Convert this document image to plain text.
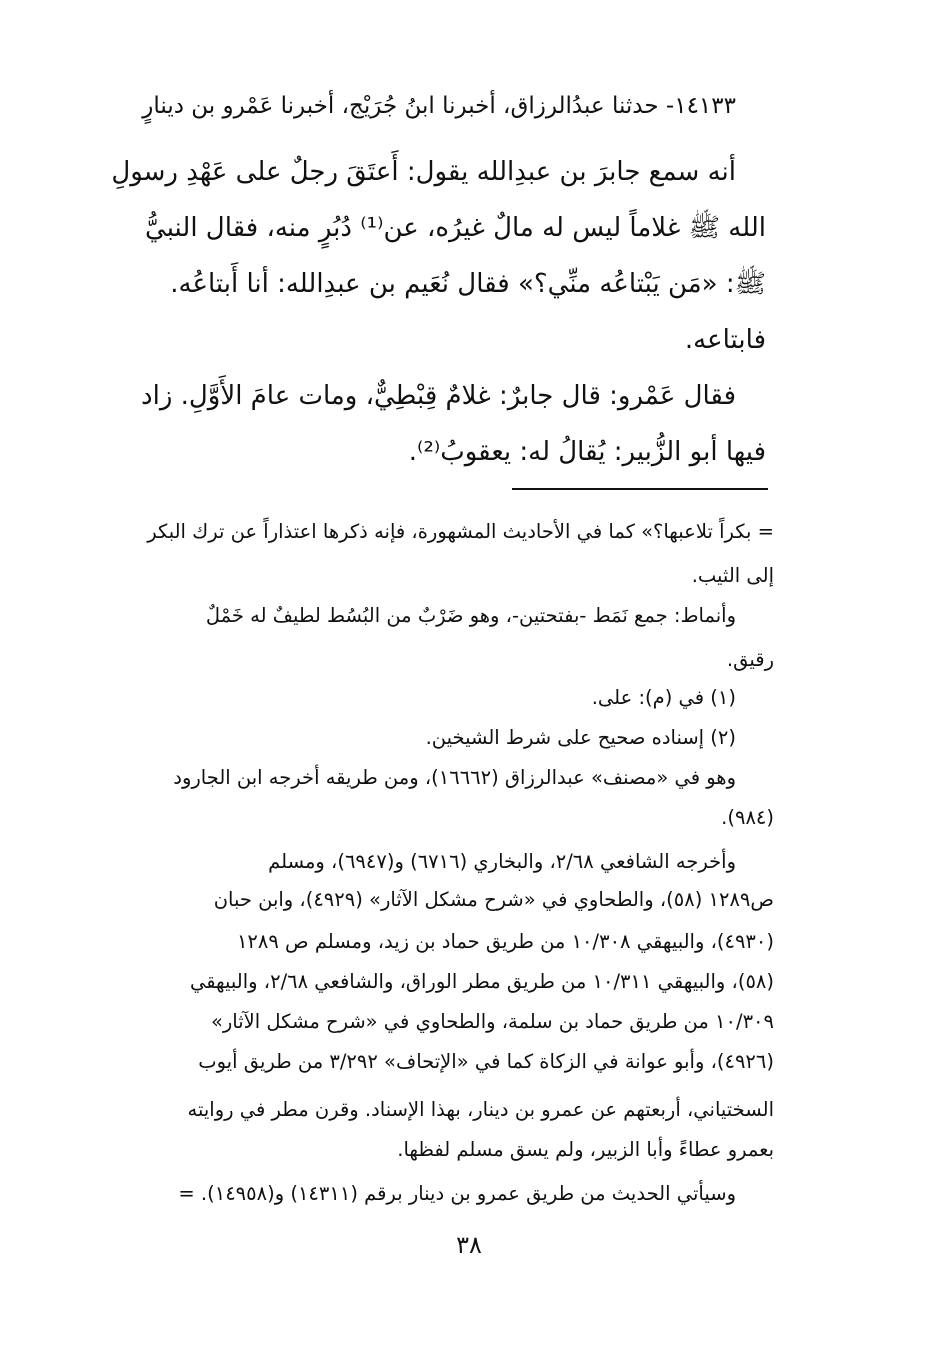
١٤١٣٣- حدثنا عبدُالرزاق، أخبرنا ابنُ جُرَيْج، أخبرنا عَمْرو بن دينارٍ

أنه سمع جابرَ بن عبدِالله يقول: أَعتَقَ رجلٌ على عَهْدِ رسولِ

الله ﷺ غلاماً ليس له مالٌ غيرُه، عن⁽¹⁾ دُبُرٍ منه، فقال النبيُّ

ﷺ: «مَن يَبْتاعُه منِّي؟» فقال نُعَيم بن عبدِالله: أنا أَبتاعُه.

فابتاعه.

فقال عَمْرو: قال جابرٌ: غلامٌ قِبْطِيٌّ، ومات عامَ الأَوَّلِ. زاد

فيها أبو الزُّبير: يُقالُ له: يعقوبُ⁽²⁾.

= بكراً تلاعبها؟» كما في الأحاديث المشهورة، فإنه ذكرها اعتذاراً عن ترك البكر

إلى الثيب.

وأنماط: جمع نَمَط -بفتحتين-، وهو ضَرْبٌ من البُسُط لطيفٌ له خَمْلٌ

رقيق.

(١) في (م): على.

(٢) إسناده صحيح على شرط الشيخين.

وهو في «مصنف» عبدالرزاق (١٦٦٦٢)، ومن طريقه أخرجه ابن الجارود

(٩٨٤).

وأخرجه الشافعي ٢/٦٨، والبخاري (٦٧١٦) و(٦٩٤٧)، ومسلم

ص١٢٨٩ (٥٨)، والطحاوي في «شرح مشكل الآثار» (٤٩٢٩)، وابن حبان

(٤٩٣٠)، والبيهقي ١٠/٣٠٨ من طريق حماد بن زيد، ومسلم ص ١٢٨٩

(٥٨)، والبيهقي ١٠/٣١١ من طريق مطر الوراق، والشافعي ٢/٦٨، والبيهقي

١٠/٣٠٩ من طريق حماد بن سلمة، والطحاوي في «شرح مشكل الآثار»

(٤٩٢٦)، وأبو عوانة في الزكاة كما في «الإتحاف» ٣/٢٩٢ من طريق أيوب

السختياني، أربعتهم عن عمرو بن دينار، بهذا الإسناد. وقرن مطر في روايته

بعمرو عطاءً وأبا الزبير، ولم يسق مسلم لفظها.

وسيأتي الحديث من طريق عمرو بن دينار برقم (١٤٣١١) و(١٤٩٥٨). =

٣٨
